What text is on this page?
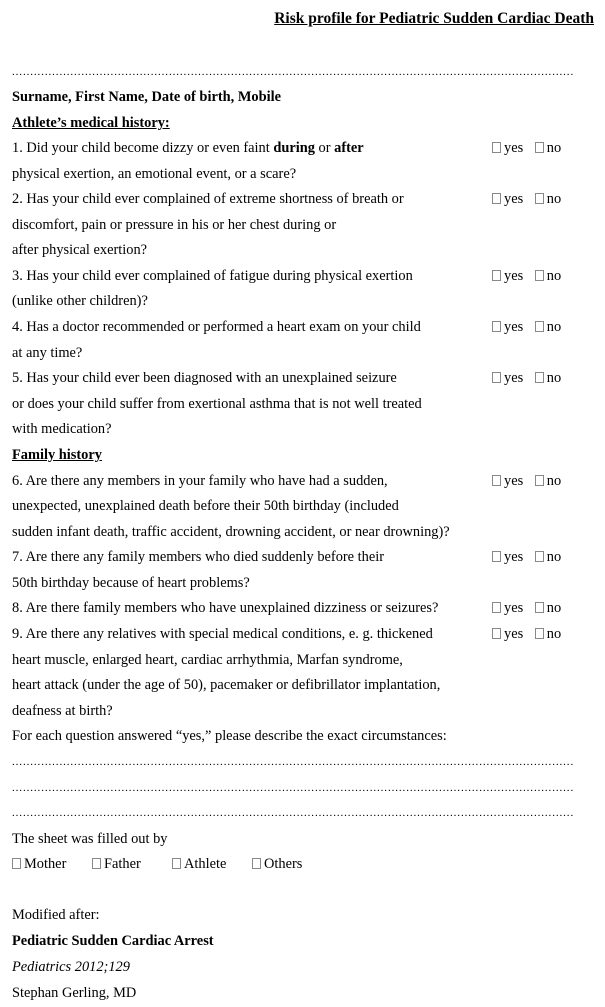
Risk profile for Pediatric Sudden Cardiac Death
..........................................................................................................................................................
Surname, First Name, Date of birth, Mobile
Athlete’s medical history:
1. Did your child become dizzy or even faint during or after
physical exertion, an emotional event, or a scare?
yes no
2. Has your child ever complained of extreme shortness of breath or
discomfort, pain or pressure in his or her chest during or
after physical exertion?
yes no
3. Has your child ever complained of fatigue during physical exertion
(unlike other children)?
yes no
4. Has a doctor recommended or performed a heart exam on your child
at any time?
yes no
5. Has your child ever been diagnosed with an unexplained seizure
or does your child suffer from exertional asthma that is not well treated
with medication?
yes no
Family history
6. Are there any members in your family who have had a sudden,
unexpected, unexplained death before their 50th birthday (included
sudden infant death, traffic accident, drowning accident, or near drowning)?
yes no
7. Are there any family members who died suddenly before their
50th birthday because of heart problems?
yes no
8. Are there family members who have unexplained dizziness or seizures?	yes no
9. Are there any relatives with special medical conditions, e. g. thickened
heart muscle, enlarged heart, cardiac arrhythmia, Marfan syndrome,
heart attack (under the age of 50), pacemaker or defibrillator implantation,
deafness at birth?
yes no
For each question answered “yes,” please describe the exact circumstances:
..........................................................................................................................................................
..........................................................................................................................................................
..........................................................................................................................................................
The sheet was filled out by
Mother	Father	Athlete	Others
Modified after:
Pediatric Sudden Cardiac Arrest
Pediatrics 2012;129
Stephan Gerling, MD
